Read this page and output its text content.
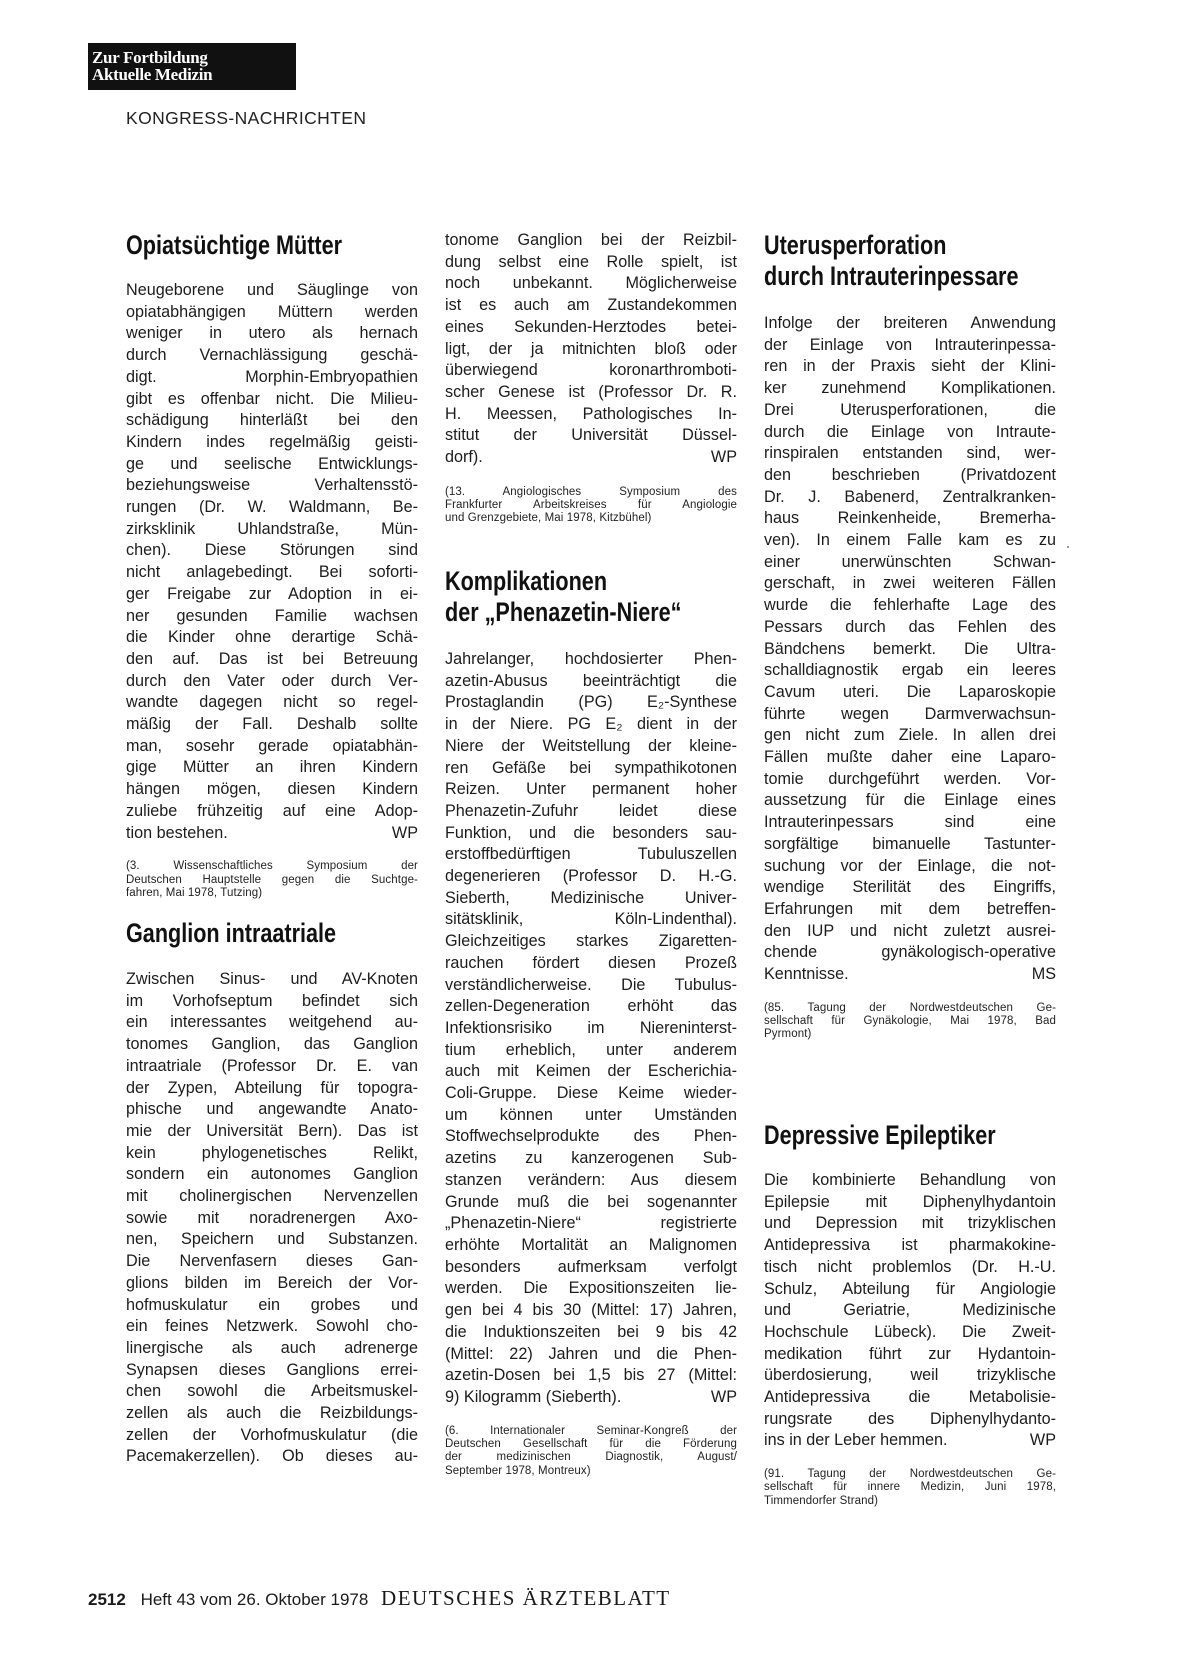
Zur Fortbildung
Aktuelle Medizin
KONGRESS-NACHRICHTEN
Opiatsüchtige Mütter
Neugeborene und Säuglinge von
opiatabhängigen Müttern werden
weniger in utero als hernach
durch Vernachlässigung geschä-
digt. Morphin-Embryopathien
gibt es offenbar nicht. Die Milieu-
schädigung hinterläßt bei den
Kindern indes regelmäßig geisti-
ge und seelische Entwicklungs-
beziehungsweise Verhaltensstö-
rungen (Dr. W. Waldmann, Be-
zirksklinik Uhlandstraße, Mün-
chen). Diese Störungen sind
nicht anlagebedingt. Bei soforti-
ger Freigabe zur Adoption in ei-
ner gesunden Familie wachsen
die Kinder ohne derartige Schä-
den auf. Das ist bei Betreuung
durch den Vater oder durch Ver-
wandte dagegen nicht so regel-
mäßig der Fall. Deshalb sollte
man, sosehr gerade opiatabhän-
gige Mütter an ihren Kindern
hängen mögen, diesen Kindern
zuliebe frühzeitig auf eine Adop-
tion bestehen.	WP
(3. Wissenschaftliches Symposium der
Deutschen Hauptstelle gegen die Suchtge-
fahren, Mai 1978, Tutzing)
Ganglion intraatriale
Zwischen Sinus- und AV-Knoten
im Vorhofseptum befindet sich
ein interessantes weitgehend au-
tonomes Ganglion, das Ganglion
intraatriale (Professor Dr. E. van
der Zypen, Abteilung für topogra-
phische und angewandte Anato-
mie der Universität Bern). Das ist
kein phylogenetisches Relikt,
sondern ein autonomes Ganglion
mit cholinergischen Nervenzellen
sowie mit noradrenergen Axo-
nen, Speichern und Substanzen.
Die Nervenfasern dieses Gan-
glions bilden im Bereich der Vor-
hofmuskulatur ein grobes und
ein feines Netzwerk. Sowohl cho-
linergische als auch adrenerge
Synapsen dieses Ganglions errei-
chen sowohl die Arbeitsmuskel-
zellen als auch die Reizbildungs-
zellen der Vorhofmuskulatur (die
Pacemakerzellen). Ob dieses au-
tonome Ganglion bei der Reizbil-
dung selbst eine Rolle spielt, ist
noch unbekannt. Möglicherweise
ist es auch am Zustandekommen
eines Sekunden-Herztodes betei-
ligt, der ja mitnichten bloß oder
überwiegend koronarthromboti-
scher Genese ist (Professor Dr. R.
H. Meessen, Pathologisches In-
stitut der Universität Düssel-
dorf).	WP
(13. Angiologisches Symposium des
Frankfurter Arbeitskreises für Angiologie
und Grenzgebiete, Mai 1978, Kitzbühel)
Komplikationen
der „Phenazetin-Niere“
Jahrelanger, hochdosierter Phen-
azetin-Abusus beeinträchtigt die
Prostaglandin (PG) E₂-Synthese
in der Niere. PG E₂ dient in der
Niere der Weitstellung der kleine-
ren Gefäße bei sympathikotonen
Reizen. Unter permanent hoher
Phenazetin-Zufuhr leidet diese
Funktion, und die besonders sau-
erstoffbedürftigen Tubuluszellen
degenerieren (Professor D. H.-G.
Sieberth, Medizinische Univer-
sitätsklinik, Köln-Lindenthal).
Gleichzeitiges starkes Zigaretten-
rauchen fördert diesen Prozeß
verständlicherweise. Die Tubulus-
zellen-Degeneration erhöht das
Infektionsrisiko im Niereninterst-
tium erheblich, unter anderem
auch mit Keimen der Escherichia-
Coli-Gruppe. Diese Keime wieder-
um können unter Umständen
Stoffwechselprodukte des Phen-
azetins zu kanzerogenen Sub-
stanzen verändern: Aus diesem
Grunde muß die bei sogenannter
„Phenazetin-Niere“ registrierte
erhöhte Mortalität an Malignomen
besonders aufmerksam verfolgt
werden. Die Expositionszeiten lie-
gen bei 4 bis 30 (Mittel: 17) Jahren,
die Induktionszeiten bei 9 bis 42
(Mittel: 22) Jahren und die Phen-
azetin-Dosen bei 1,5 bis 27 (Mittel:
9) Kilogramm (Sieberth).	WP
(6. Internationaler Seminar-Kongreß der
Deutschen Gesellschaft für die Förderung
der medizinischen Diagnostik, August/
September 1978, Montreux)
Uterusperforation
durch Intrauterinpessare
Infolge der breiteren Anwendung
der Einlage von Intrauterinpessa-
ren in der Praxis sieht der Klini-
ker zunehmend Komplikationen.
Drei Uterusperforationen, die
durch die Einlage von Intraute-
rinspiralen entstanden sind, wer-
den beschrieben (Privatdozent
Dr. J. Babenerd, Zentralkranken-
haus Reinkenheide, Bremerha-
ven). In einem Falle kam es zu
einer unerwünschten Schwan-
gerschaft, in zwei weiteren Fällen
wurde die fehlerhafte Lage des
Pessars durch das Fehlen des
Bändchens bemerkt. Die Ultra-
schalldiagnostik ergab ein leeres
Cavum uteri. Die Laparoskopie
führte wegen Darmverwachsun-
gen nicht zum Ziele. In allen drei
Fällen mußte daher eine Laparo-
tomie durchgeführt werden. Vor-
aussetzung für die Einlage eines
Intrauterinpessars sind eine
sorgfältige bimanuelle Tastunter-
suchung vor der Einlage, die not-
wendige Sterilität des Eingriffs,
Erfahrungen mit dem betreffen-
den IUP und nicht zuletzt ausrei-
chende gynäkologisch-operative
Kenntnisse.	MS
(85. Tagung der Nordwestdeutschen Ge-
sellschaft für Gynäkologie, Mai 1978, Bad
Pyrmont)
Depressive Epileptiker
Die kombinierte Behandlung von
Epilepsie mit Diphenylhydantoin
und Depression mit trizyklischen
Antidepressiva ist pharmakokine-
tisch nicht problemlos (Dr. H.-U.
Schulz, Abteilung für Angiologie
und Geriatrie, Medizinische
Hochschule Lübeck). Die Zweit-
medikation führt zur Hydantoin-
überdosierung, weil trizyklische
Antidepressiva die Metabolisie-
rungsrate des Diphenylhydanto-
ins in der Leber hemmen.	WP
(91. Tagung der Nordwestdeutschen Ge-
sellschaft für innere Medizin, Juni 1978,
Timmendorfer Strand)
2512 Heft 43 vom 26. Oktober 1978 DEUTSCHES ÄRZTEBLATT
